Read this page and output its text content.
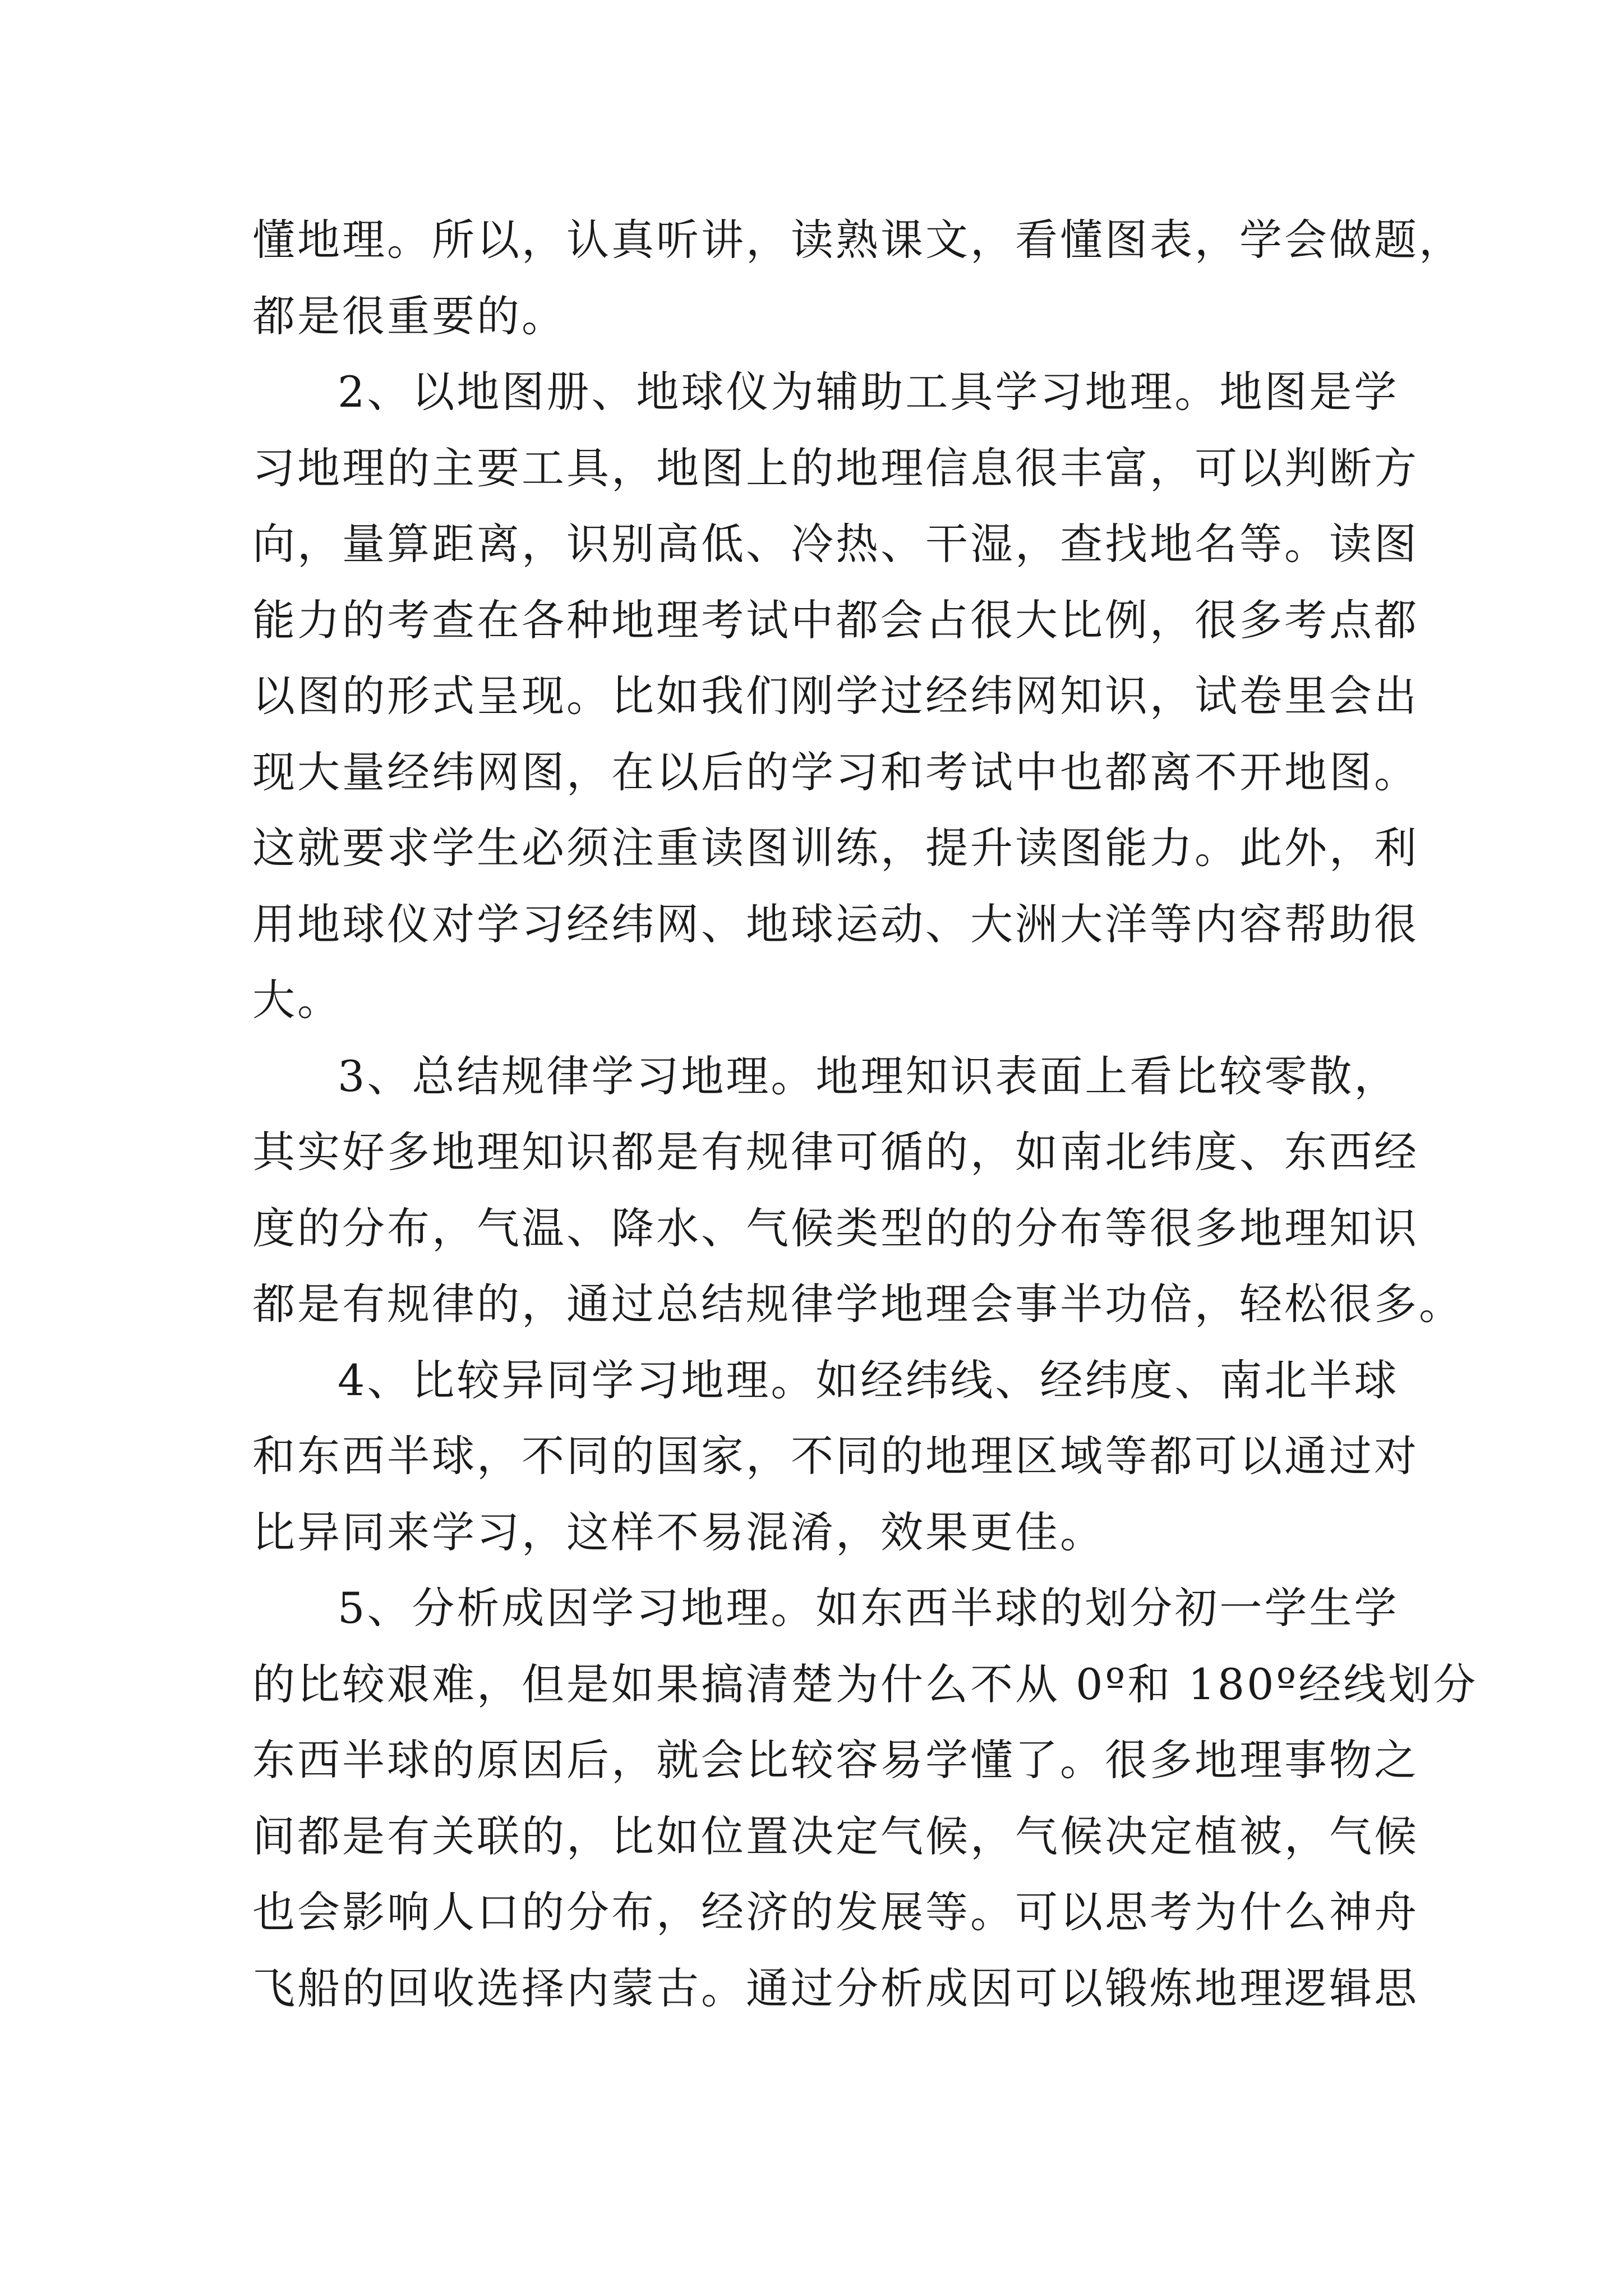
懂地理。所以，认真听讲，读熟课文，看懂图表，学会做题，
都是很重要的。
2、以地图册、地球仪为辅助工具学习地理。地图是学
习地理的主要工具，地图上的地理信息很丰富，可以判断方
向，量算距离，识别高低、冷热、干湿，查找地名等。读图
能力的考查在各种地理考试中都会占很大比例，很多考点都
以图的形式呈现。比如我们刚学过经纬网知识，试卷里会出
现大量经纬网图，在以后的学习和考试中也都离不开地图。
这就要求学生必须注重读图训练，提升读图能力。此外，利
用地球仪对学习经纬网、地球运动、大洲大洋等内容帮助很
大。
3、总结规律学习地理。地理知识表面上看比较零散，
其实好多地理知识都是有规律可循的，如南北纬度、东西经
度的分布，气温、降水、气候类型的的分布等很多地理知识
都是有规律的，通过总结规律学地理会事半功倍，轻松很多。
4、比较异同学习地理。如经纬线、经纬度、南北半球
和东西半球，不同的国家，不同的地理区域等都可以通过对
比异同来学习，这样不易混淆，效果更佳。
5、分析成因学习地理。如东西半球的划分初一学生学
的比较艰难，但是如果搞清楚为什么不从 0º和 180º经线划分
东西半球的原因后，就会比较容易学懂了。很多地理事物之
间都是有关联的，比如位置决定气候，气候决定植被，气候
也会影响人口的分布，经济的发展等。可以思考为什么神舟
飞船的回收选择内蒙古。通过分析成因可以锻炼地理逻辑思
